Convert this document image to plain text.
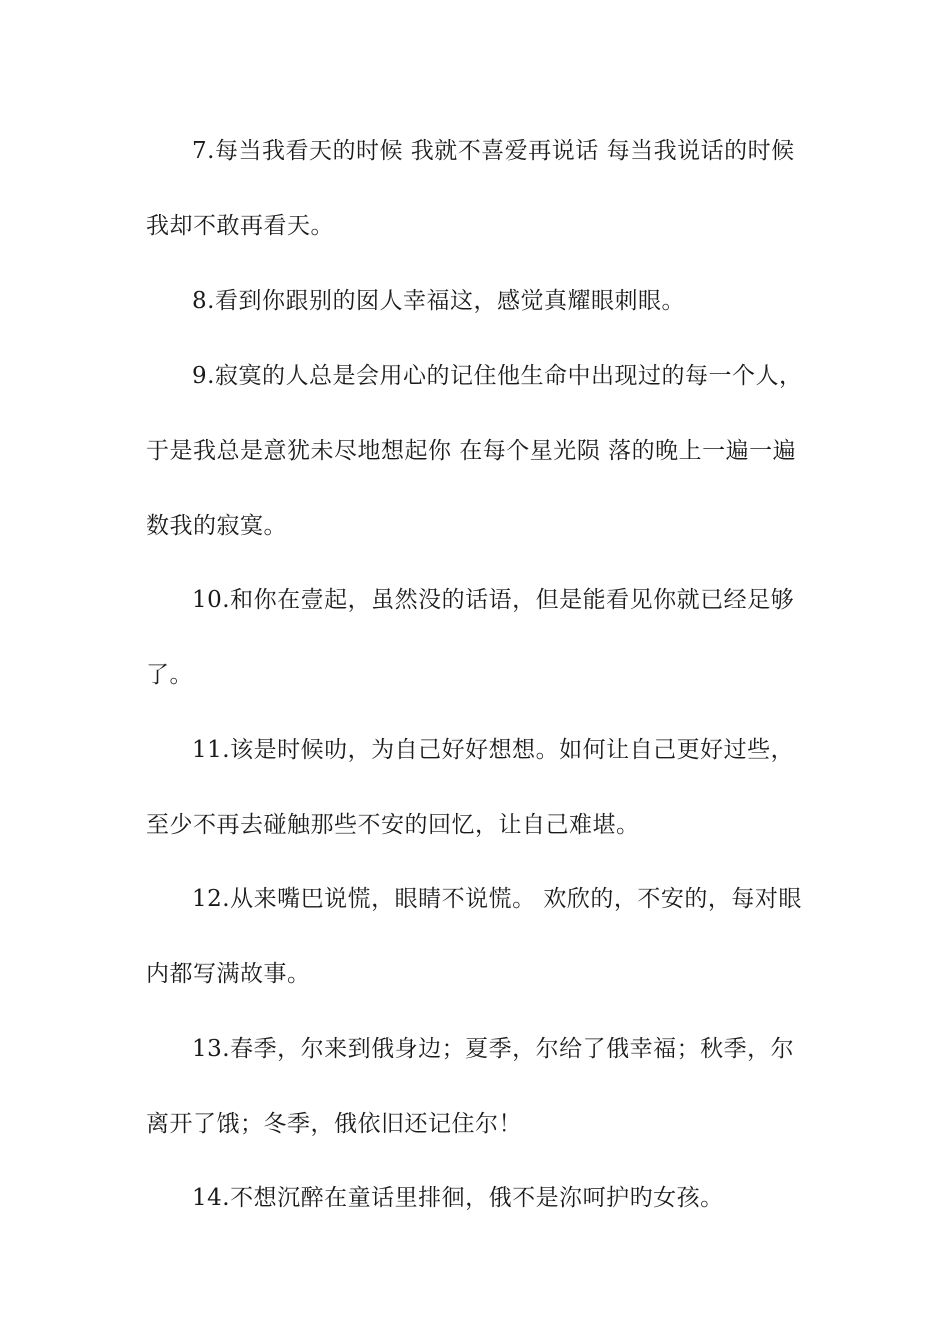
7.每当我看天的时候 我就不喜爱再说话 每当我说话的时候 我却不敢再看天。

8.看到你跟别的囡人幸福这，感觉真耀眼刺眼。

9.寂寞的人总是会用心的记住他生命中出现过的每一个人，于是我总是意犹未尽地想起你 在每个星光陨 落的晚上一遍一遍数我的寂寞。

10.和你在壹起，虽然没的话语，但是能看见你就已经足够了。

11.该是时候叻，为自己好好想想。如何让自己更好过些，至少不再去碰触那些不安的回忆，让自己难堪。

12.从来嘴巴说慌，眼睛不说慌。 欢欣的，不安的，每对眼内都写满故事。

13.春季，尔来到俄身边；夏季，尔给了俄幸福；秋季，尔离开了饿；冬季，俄依旧还记住尔！

14.不想沉醉在童话里排徊，俄不是沵呵护旳女孩。
